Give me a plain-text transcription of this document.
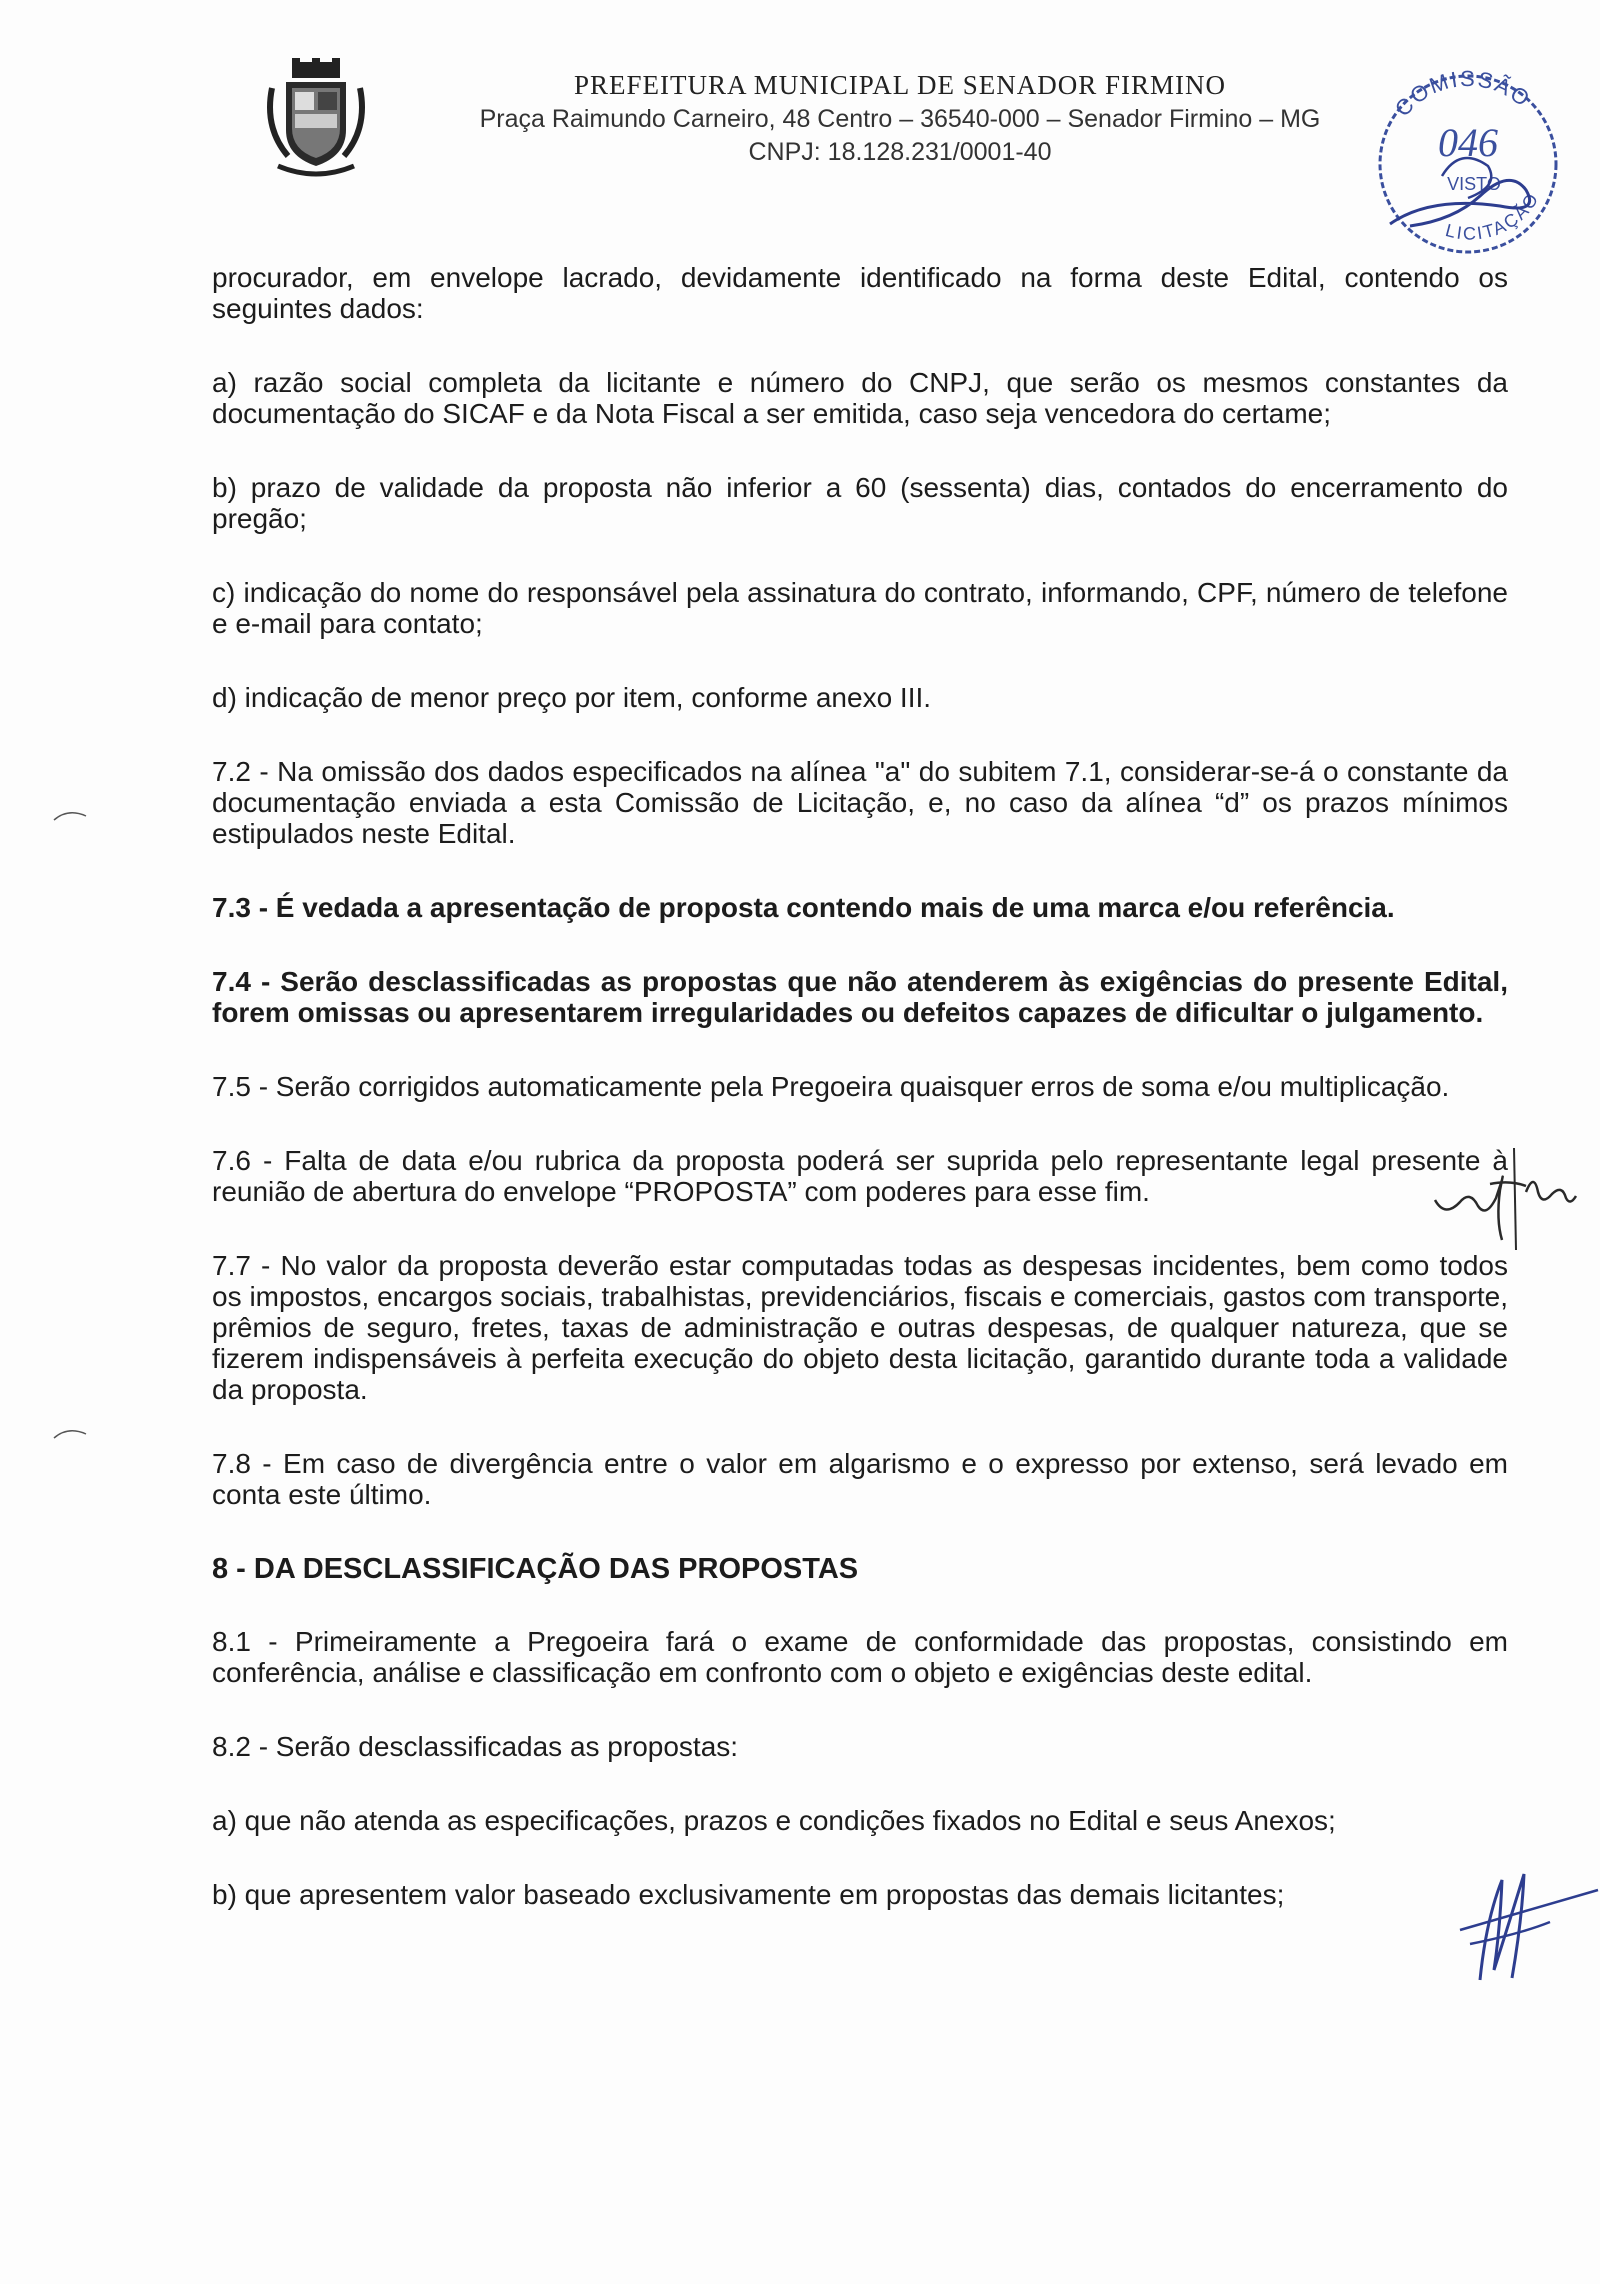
PREFEITURA MUNICIPAL DE SENADOR FIRMINO
Praça Raimundo Carneiro, 48 Centro – 36540-000 – Senador Firmino – MG
CNPJ: 18.128.231/0001-40
COMISSÃO
LICITAÇÃO
046
VISTO

procurador, em envelope lacrado, devidamente identificado na forma deste Edital, contendo os seguintes dados:

a) razão social completa da licitante e número do CNPJ, que serão os mesmos constantes da documentação do SICAF e da Nota Fiscal a ser emitida, caso seja vencedora do certame;

b) prazo de validade da proposta não inferior a 60 (sessenta) dias, contados do encerramento do pregão;

c) indicação do nome do responsável pela assinatura do contrato, informando, CPF, número de telefone e e-mail para contato;

d) indicação de menor preço por item, conforme anexo III.

7.2 - Na omissão dos dados especificados na alínea "a" do subitem 7.1, considerar-se-á o constante da documentação enviada a esta Comissão de Licitação, e, no caso da alínea “d” os prazos mínimos estipulados neste Edital.

7.3 - É vedada a apresentação de proposta contendo mais de uma marca e/ou referência.

7.4 - Serão desclassificadas as propostas que não atenderem às exigências do presente Edital, forem omissas ou apresentarem irregularidades ou defeitos capazes de dificultar o julgamento.

7.5 - Serão corrigidos automaticamente pela Pregoeira quaisquer erros de soma e/ou multiplicação.

7.6 - Falta de data e/ou rubrica da proposta poderá ser suprida pelo representante legal presente à reunião de abertura do envelope “PROPOSTA” com poderes para esse fim.

7.7 - No valor da proposta deverão estar computadas todas as despesas incidentes, bem como todos os impostos, encargos sociais, trabalhistas, previdenciários, fiscais e comerciais, gastos com transporte, prêmios de seguro, fretes, taxas de administração e outras despesas, de qualquer natureza, que se fizerem indispensáveis à perfeita execução do objeto desta licitação, garantido durante toda a validade da proposta.

7.8 - Em caso de divergência entre o valor em algarismo e o expresso por extenso, será levado em conta este último.

8 - DA DESCLASSIFICAÇÃO DAS PROPOSTAS

8.1 - Primeiramente a Pregoeira fará o exame de conformidade das propostas, consistindo em conferência, análise e classificação em confronto com o objeto e exigências deste edital.

8.2 - Serão desclassificadas as propostas:

a) que não atenda as especificações, prazos e condições fixados no Edital e seus Anexos;

b) que apresentem valor baseado exclusivamente em propostas das demais licitantes;
